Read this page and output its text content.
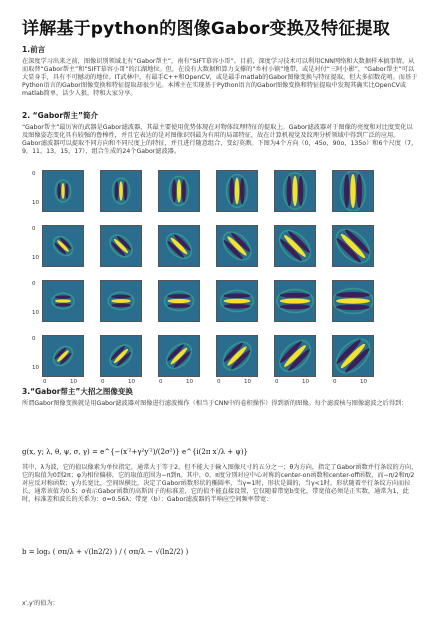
详解基于python的图像Gabor变换及特征提取
1.前言
在深度学习出来之前，图像识别领域北有“Gabor帮主”，南有“SIFT慕容小哥”。目前，深度学习技术可以利用CNN网络和大数据样本搞事情，从而取替“Gabor帮主”和“SIFT慕容小哥”的江湖地位。但，在没有大数据和算力支撑的“乡村小镇”地带，或是对付“三阿小影”，“Gabor帮主”可以大显身手，具有不可撼动的地位。IT武林中，有最手C++和OpenCV，或是最手matlab的Gabor图像变换与特征提取，但大多招数花哨。而基于Python语言的Gabor图像变换和特征提取却很少见。本博主在实现基于Python语言的Gabor图像变换和特征提取中发现其确实比OpenCV或matlab简单，话少人狠，特和大家分享。
2. “Gabor帮主”简介
“Gabor帮主”最厉害的武器是Gabor滤波器，其最主要使用优势体现在对物体纹理特征的提取上。Gabor滤波器对于图像的亮度和对比度变化以及图像姿态变化具有较强的鲁棒性，并且它表达的是对图像识别最为有用的局部特征，故在计算机视觉及纹理分析领域中得到广泛的应用。Gabor滤波器可以提取不同方向和不同尺度上的特征，并且进行随意组合，变幻莫测。下图为4个方向（0，45o，90o，135o）和6个尺度（7，9，11，13，15，17），组合生成的24个Gabor滤波器。
0
10
0
10
0
10
0
10
0	10	0	10	0	10	0	10	0	10	0	10
3.“Gabor帮主”大招之图像变换
所谓Gabor图像变换就是用Gabor滤波器对图像进行滤波操作（相当于CNN中的卷积操作）得到新的图像。每个滤波核与图像滤波之后得到：
g(x, y; λ, θ, ψ, σ, γ) = e^{−(x′²+γ²y′²)/(2σ²)} e^{i(2π x′/λ + ψ)}
其中，λ为波，它的值以像素为单位指定，通常大于等于2。但不能大于输入图像尺寸的五分之一；θ为方向，指定了Gabor函数并行条纹的方向，它的取值为0到2π；φ为相位偏移，它的取值范围为−π到π。其中，0、π度分别对应中心对称的center-on函数和center-off函数，而−π/2和π/2对应反对称函数；γ为长宽比，空间纵横比，决定了Gabor函数形状的椭圆率，当γ=1时，形状是圆的，当γ<1时，形状随着平行条纹方向而拉长，通常该值为0.5；σ表示Gabor函数的高斯因子的标准差，它的值不能直接设置，它仅随着带宽b变化，带宽值必须是正实数，通常为1，此时，标准差和波长的关系为：σ=0.56λ；带宽（b）：Gabor滤波器的半响应空间频率带宽：
b = log₂ ( σπ/λ + √(ln2/2) ) / ( σπ/λ − √(ln2/2) )
x′,y′的值为：
